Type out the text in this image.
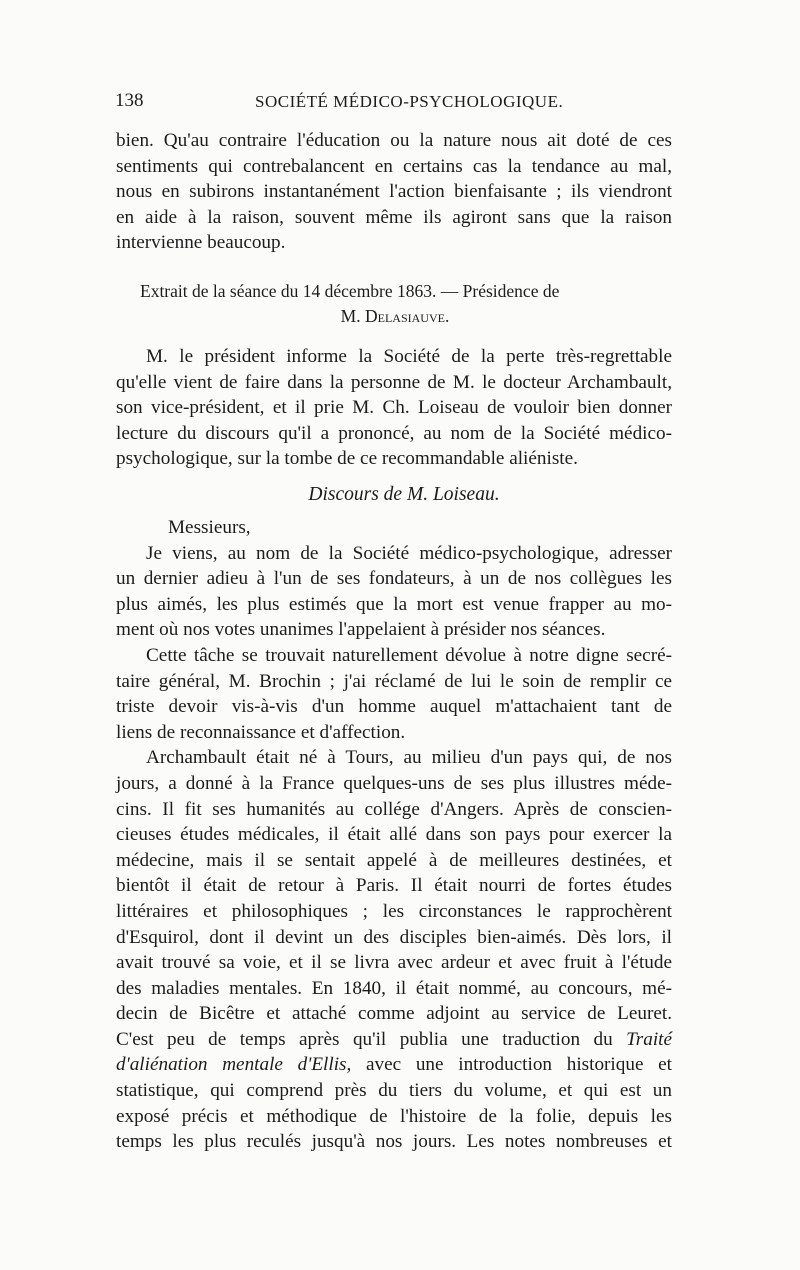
138	SOCIÉTÉ MÉDICO-PSYCHOLOGIQUE.
bien. Qu'au contraire l'éducation ou la nature nous ait doté de ces
sentiments qui contrebalancent en certains cas la tendance au mal,
nous en subirons instantanément l'action bienfaisante ; ils viendront
en aide à la raison, souvent même ils agiront sans que la raison
intervienne beaucoup.
Extrait de la séance du 14 décembre 1863. — Présidence de
M. Delasiauve.
M. le président informe la Société de la perte très-regrettable
qu'elle vient de faire dans la personne de M. le docteur Archambault,
son vice-président, et il prie M. Ch. Loiseau de vouloir bien donner
lecture du discours qu'il a prononcé, au nom de la Société médico-
psychologique, sur la tombe de ce recommandable aliéniste.
Discours de M. Loiseau.
Messieurs,
Je viens, au nom de la Société médico-psychologique, adresser
un dernier adieu à l'un de ses fondateurs, à un de nos collègues les
plus aimés, les plus estimés que la mort est venue frapper au mo-
ment où nos votes unanimes l'appelaient à présider nos séances.
Cette tâche se trouvait naturellement dévolue à notre digne secré-
taire général, M. Brochin ; j'ai réclamé de lui le soin de remplir ce
triste devoir vis-à-vis d'un homme auquel m'attachaient tant de
liens de reconnaissance et d'affection.
Archambault était né à Tours, au milieu d'un pays qui, de nos
jours, a donné à la France quelques-uns de ses plus illustres méde-
cins. Il fit ses humanités au collége d'Angers. Après de conscien-
cieuses études médicales, il était allé dans son pays pour exercer la
médecine, mais il se sentait appelé à de meilleures destinées, et
bientôt il était de retour à Paris. Il était nourri de fortes études
littéraires et philosophiques ; les circonstances le rapprochèrent
d'Esquirol, dont il devint un des disciples bien-aimés. Dès lors, il
avait trouvé sa voie, et il se livra avec ardeur et avec fruit à l'étude
des maladies mentales. En 1840, il était nommé, au concours, mé-
decin de Bicêtre et attaché comme adjoint au service de Leuret.
C'est peu de temps après qu'il publia une traduction du Traité
d'aliénation mentale d'Ellis, avec une introduction historique et
statistique, qui comprend près du tiers du volume, et qui est un
exposé précis et méthodique de l'histoire de la folie, depuis les
temps les plus reculés jusqu'à nos jours. Les notes nombreuses et
